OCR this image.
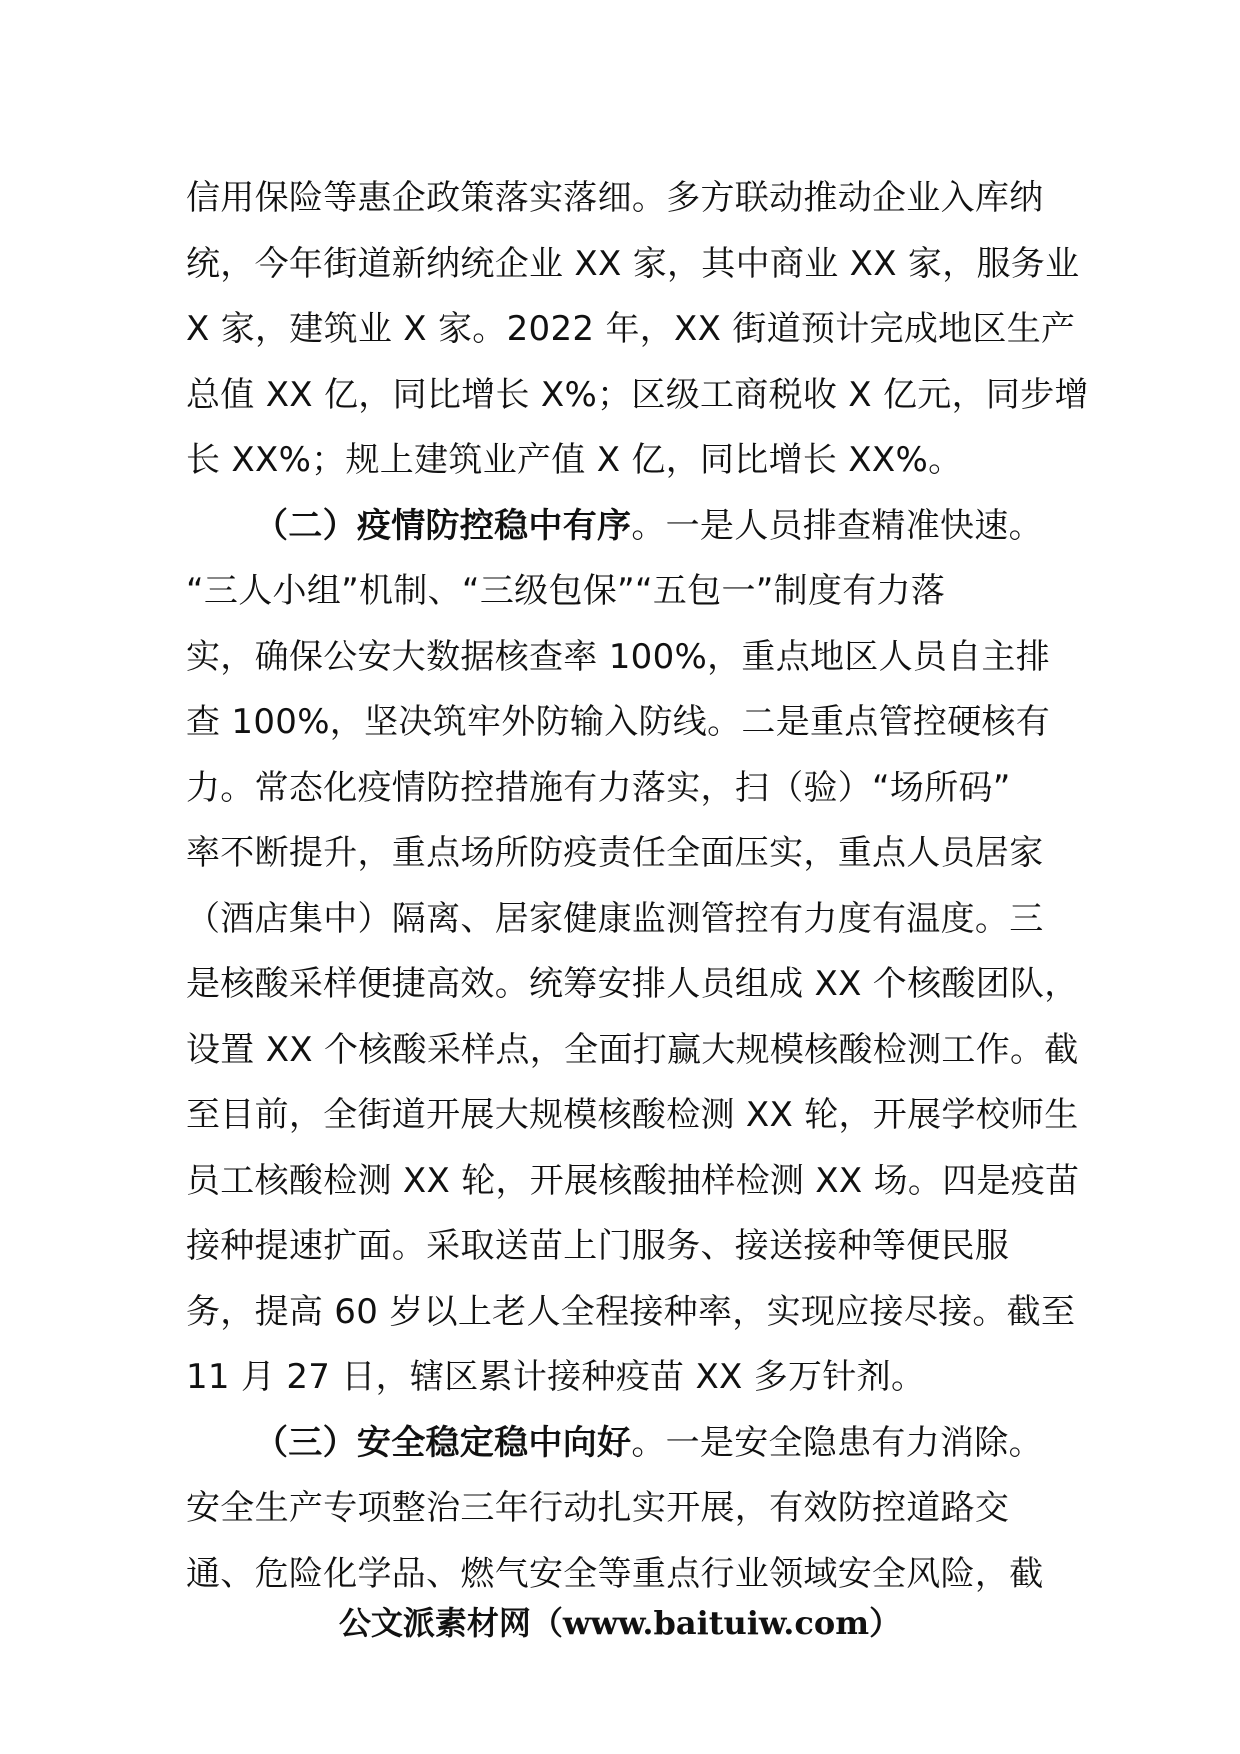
信用保险等惠企政策落实落细。多方联动推动企业入库纳
统，今年街道新纳统企业 XX 家，其中商业 XX 家，服务业
X 家，建筑业 X 家。2022 年，XX 街道预计完成地区生产
总值 XX 亿，同比增长 X%；区级工商税收 X 亿元，同步增
长 XX%；规上建筑业产值 X 亿，同比增长 XX%。
（二）疫情防控稳中有序。一是人员排查精准快速。
“三人小组”机制、“三级包保”“五包一”制度有力落
实，确保公安大数据核查率 100%，重点地区人员自主排
查 100%，坚决筑牢外防输入防线。二是重点管控硬核有
力。常态化疫情防控措施有力落实，扫（验）“场所码”
率不断提升，重点场所防疫责任全面压实，重点人员居家
（酒店集中）隔离、居家健康监测管控有力度有温度。三
是核酸采样便捷高效。统筹安排人员组成 XX 个核酸团队，
设置 XX 个核酸采样点，全面打赢大规模核酸检测工作。截
至目前，全街道开展大规模核酸检测 XX 轮，开展学校师生
员工核酸检测 XX 轮，开展核酸抽样检测 XX 场。四是疫苗
接种提速扩面。采取送苗上门服务、接送接种等便民服
务，提高 60 岁以上老人全程接种率，实现应接尽接。截至
11 月 27 日，辖区累计接种疫苗 XX 多万针剂。
（三）安全稳定稳中向好。一是安全隐患有力消除。
安全生产专项整治三年行动扎实开展，有效防控道路交
通、危险化学品、燃气安全等重点行业领域安全风险，截
公文派素材网（www.baituiw.com）
